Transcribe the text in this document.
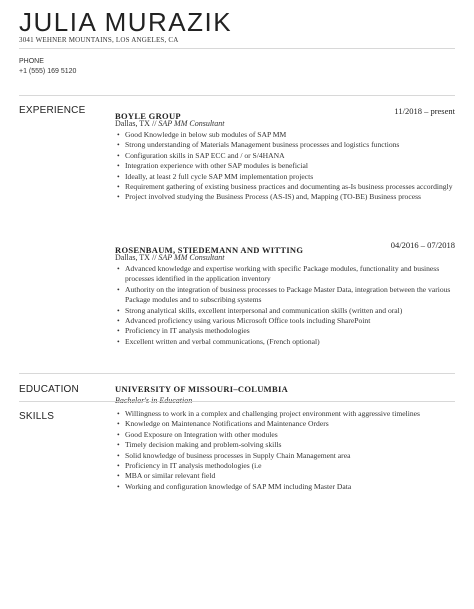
JULIA MURAZIK
3041 WEHNER MOUNTAINS, LOS ANGELES, CA
PHONE
+1 (555) 169 5120
EXPERIENCE	BOYLE GROUP	11/2018 – present
Dallas, TX // SAP MM Consultant
• Good Knowledge in below sub modules of SAP MM
• Strong understanding of Materials Management business processes and logistics functions
• Configuration skills in SAP ECC and / or S/4HANA
• Integration experience with other SAP modules is beneficial
• Ideally, at least 2 full cycle SAP MM implementation projects
• Requirement gathering of existing business practices and documenting as-Is business processes accordingly
• Project involved studying the Business Process (AS-IS) and, Mapping (TO-BE) Business process
ROSENBAUM, STIEDEMANN AND WITTING	04/2016 – 07/2018
Dallas, TX // SAP MM Consultant
• Advanced knowledge and expertise working with specific Package modules, functionality and business processes identified in the application inventory
• Authority on the integration of business processes to Package Master Data, integration between the various Package modules and to subscribing systems
• Strong analytical skills, excellent interpersonal and communication skills (written and oral)
• Advanced proficiency using various Microsoft Office tools including SharePoint
• Proficiency in IT analysis methodologies
• Excellent written and verbal communications, (French optional)
EDUCATION	UNIVERSITY OF MISSOURI–COLUMBIA
Bachelor's in Education
SKILLS
•	Willingness to work in a complex and challenging project environment with aggressive timelines
• Knowledge on Maintenance Notifications and Maintenance Orders
• Good Exposure on Integration with other modules
• Timely decision making and problem-solving skills
• Solid knowledge of business processes in Supply Chain Management area
• Proficiency in IT analysis methodologies (i.e
• MBA or similar relevant field
• Working and configuration knowledge of SAP MM including Master Data
